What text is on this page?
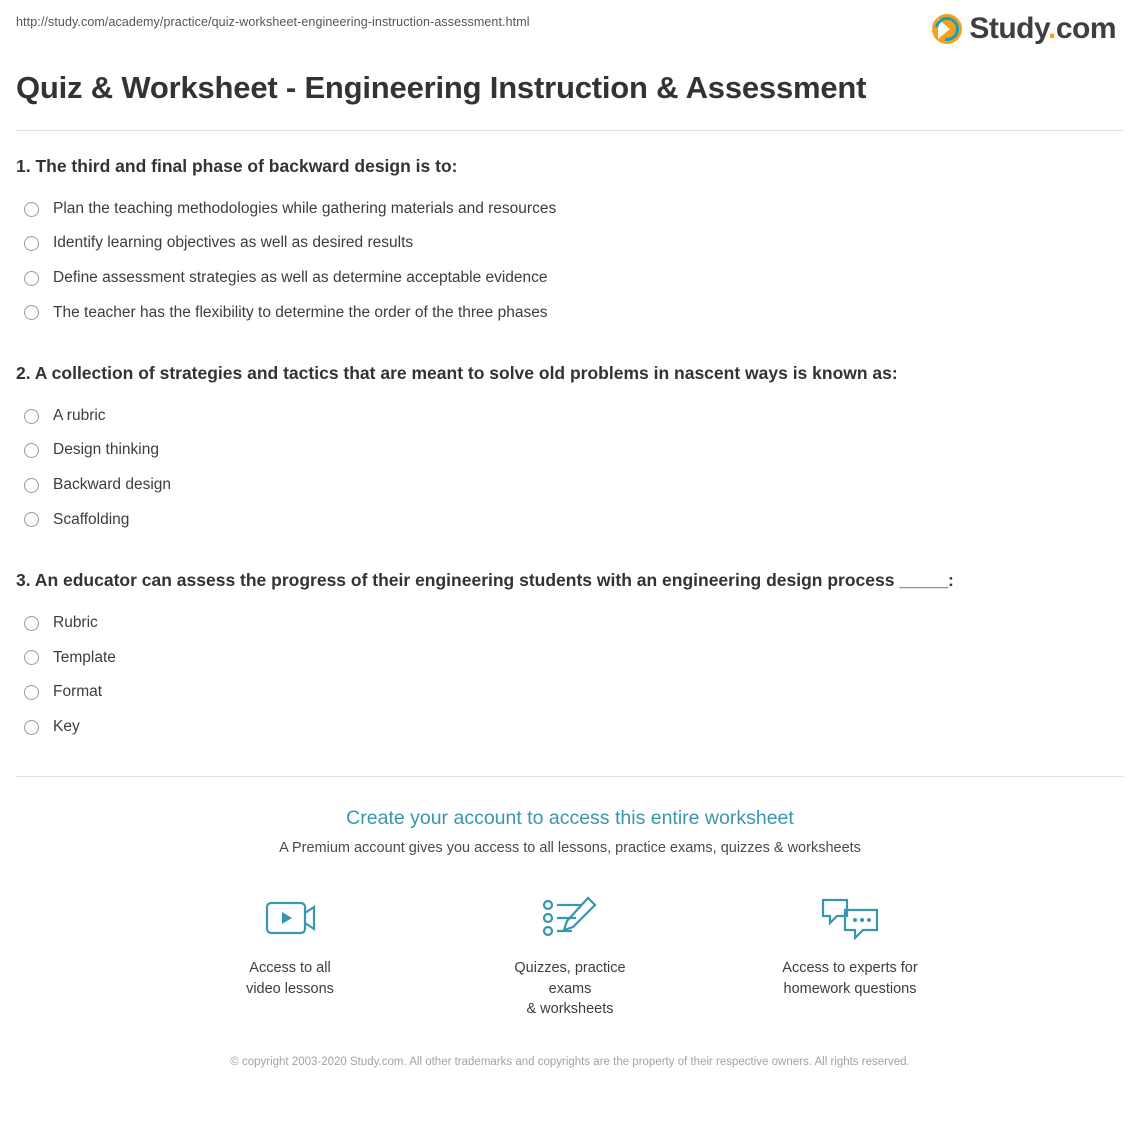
http://study.com/academy/practice/quiz-worksheet-engineering-instruction-assessment.html	Study.com
Quiz & Worksheet - Engineering Instruction & Assessment

1. The third and final phase of backward design is to:

Plan the teaching methodologies while gathering materials and resources
Identify learning objectives as well as desired results
Define assessment strategies as well as determine acceptable evidence
The teacher has the flexibility to determine the order of the three phases

2. A collection of strategies and tactics that are meant to solve old problems in nascent ways is known as:

A rubric
Design thinking
Backward design
Scaffolding

3. An educator can assess the progress of their engineering students with an engineering design process _____:

Rubric
Template
Format
Key

Create your account to access this entire worksheet

A Premium account gives you access to all lessons, practice exams, quizzes & worksheets

Access to all
video lessons
Quizzes, practice exams
& worksheets
Access to experts for
homework questions
© copyright 2003-2020 Study.com. All other trademarks and copyrights are the property of their respective owners. All rights reserved.
